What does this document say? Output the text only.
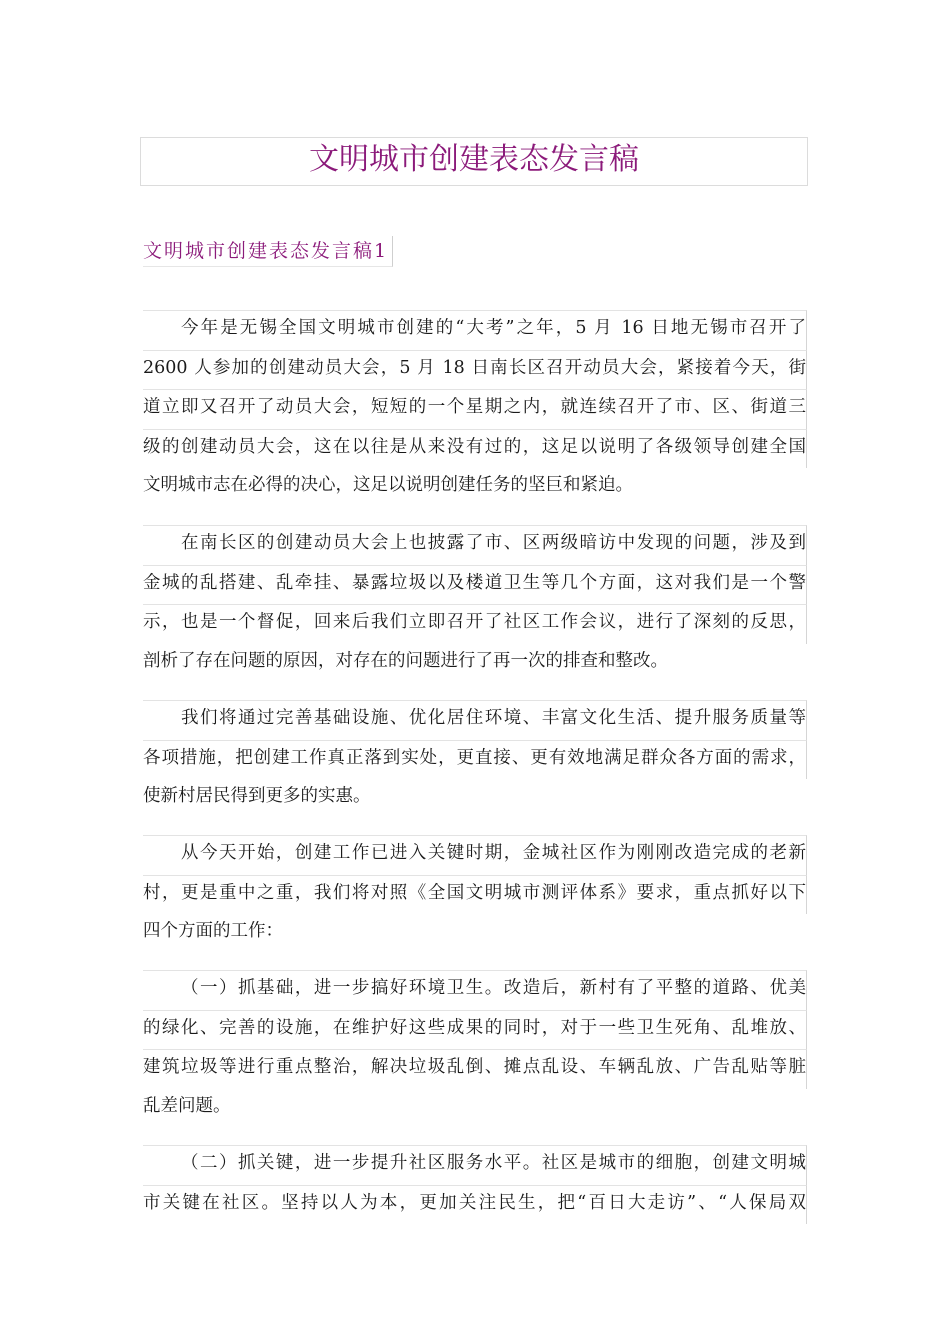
文明城市创建表态发言稿
文明城市创建表态发言稿1
今年是无锡全国文明城市创建的“大考”之年，5 月 16 日地无锡市召开了
2600 人参加的创建动员大会，5 月 18 日南长区召开动员大会，紧接着今天，街
道立即又召开了动员大会，短短的一个星期之内，就连续召开了市、区、街道三
级的创建动员大会，这在以往是从来没有过的，这足以说明了各级领导创建全国
文明城市志在必得的决心，这足以说明创建任务的坚巨和紧迫。
在南长区的创建动员大会上也披露了市、区两级暗访中发现的问题，涉及到
金城的乱搭建、乱牵挂、暴露垃圾以及楼道卫生等几个方面，这对我们是一个警
示，也是一个督促，回来后我们立即召开了社区工作会议，进行了深刻的反思，
剖析了存在问题的原因，对存在的问题进行了再一次的排查和整改。
我们将通过完善基础设施、优化居住环境、丰富文化生活、提升服务质量等
各项措施，把创建工作真正落到实处，更直接、更有效地满足群众各方面的需求，
使新村居民得到更多的实惠。
从今天开始，创建工作已进入关键时期，金城社区作为刚刚改造完成的老新
村，更是重中之重，我们将对照《全国文明城市测评体系》要求，重点抓好以下
四个方面的工作：
（一）抓基础，进一步搞好环境卫生。改造后，新村有了平整的道路、优美
的绿化、完善的设施，在维护好这些成果的同时，对于一些卫生死角、乱堆放、
建筑垃圾等进行重点整治，解决垃圾乱倒、摊点乱设、车辆乱放、广告乱贴等脏
乱差问题。
（二）抓关键，进一步提升社区服务水平。社区是城市的细胞，创建文明城
市关键在社区。坚持以人为本，更加关注民生，把“百日大走访”、“人保局双
